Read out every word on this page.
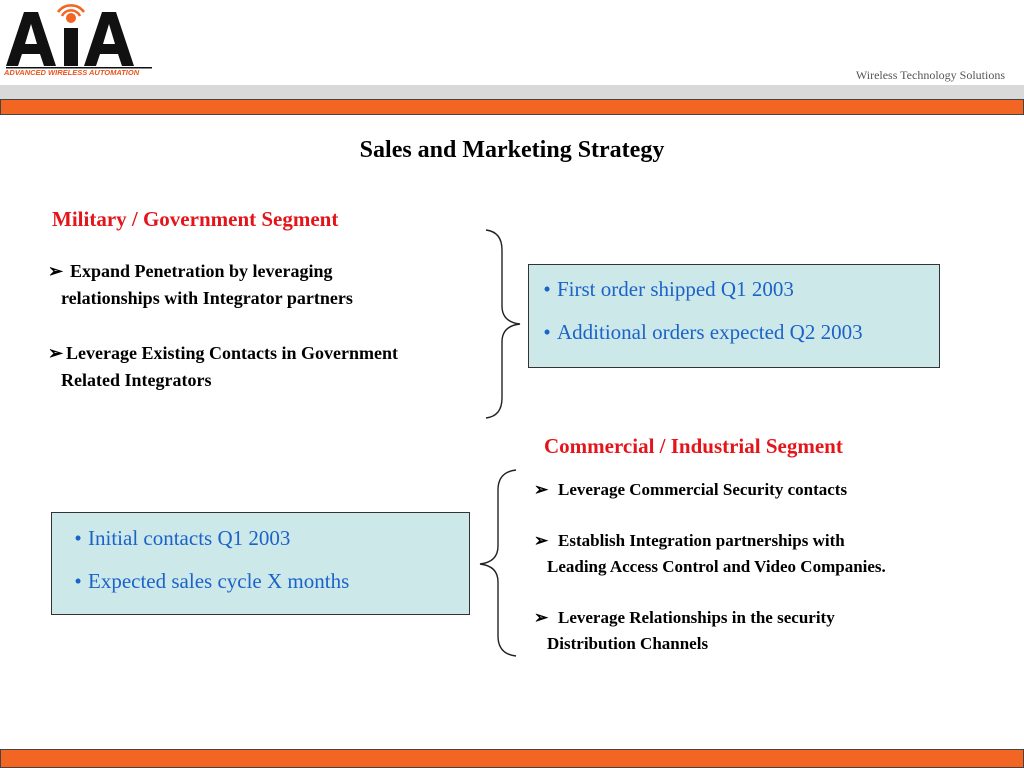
ADVANCED WIRELESS AUTOMATION	Wireless Technology Solutions
Sales and Marketing Strategy
Military / Government Segment
➢ Expand Penetration by leveraging
relationships with Integrator partners
➢ Leverage Existing Contacts in Government
Related Integrators
• First order shipped Q1 2003
• Additional orders expected Q2 2003
Commercial / Industrial Segment
➢ Leverage Commercial Security contacts
➢ Establish Integration partnerships with
Leading Access Control and Video Companies.
➢ Leverage Relationships in the security
Distribution Channels
• Initial contacts Q1 2003
• Expected sales cycle X months
